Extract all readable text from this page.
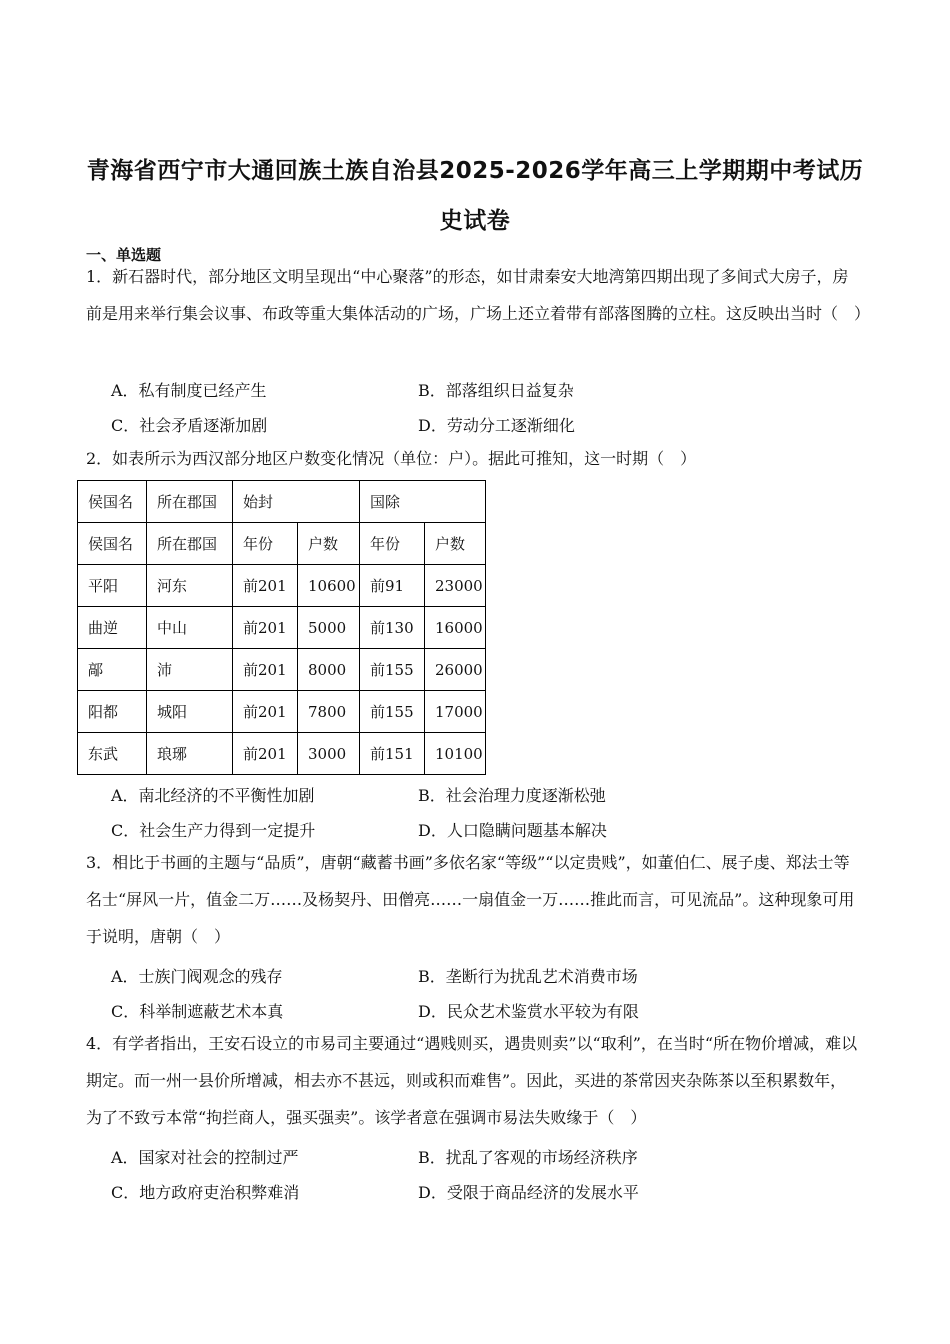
青海省西宁市大通回族土族自治县2025-2026学年高三上学期期中考试历
史试卷
一、单选题
1．新石器时代，部分地区文明呈现出“中心聚落”的形态，如甘肃秦安大地湾第四期出现了多间式大房子，房前是用来举行集会议事、布政等重大集体活动的广场，广场上还立着带有部落图腾的立柱。这反映出当时（　）
A．私有制度已经产生	B．部落组织日益复杂
C．社会矛盾逐渐加剧	D．劳动分工逐渐细化
2．如表所示为西汉部分地区户数变化情况（单位：户）。据此可推知，这一时期（　）
侯国名	所在郡国	始封		国除	
侯国名	所在郡国	年份	户数	年份	户数
平阳	河东	前201	10600	前91	23000
曲逆	中山	前201	5000	前130	16000
鄗	沛	前201	8000	前155	26000
阳都	城阳	前201	7800	前155	17000
东武	琅琊	前201	3000	前151	10100
A．南北经济的不平衡性加剧	B．社会治理力度逐渐松弛
C．社会生产力得到一定提升	D．人口隐瞒问题基本解决
3．相比于书画的主题与“品质”，唐朝“藏蓄书画”多依名家“等级”“以定贵贱”，如董伯仁、展子虔、郑法士等名士“屏风一片，值金二万……及杨契丹、田僧亮……一扇值金一万……推此而言，可见流品”。这种现象可用于说明，唐朝（　）
A．士族门阀观念的残存	B．垄断行为扰乱艺术消费市场
C．科举制遮蔽艺术本真	D．民众艺术鉴赏水平较为有限
4．有学者指出，王安石设立的市易司主要通过“遇贱则买，遇贵则卖”以“取利”，在当时“所在物价增减，难以期定。而一州一县价所增减，相去亦不甚远，则或积而难售”。因此，买进的茶常因夹杂陈茶以至积累数年，为了不致亏本常“拘拦商人，强买强卖”。该学者意在强调市易法失败缘于（　）
A．国家对社会的控制过严	B．扰乱了客观的市场经济秩序
C．地方政府吏治积弊难消	D．受限于商品经济的发展水平
